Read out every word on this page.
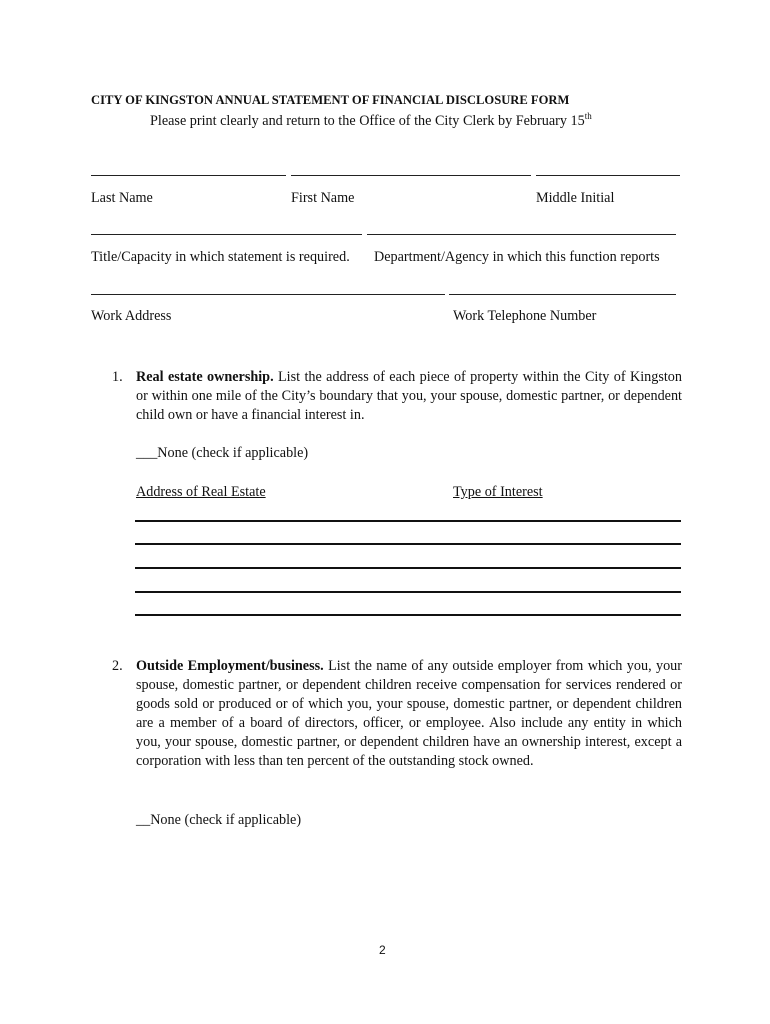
CITY OF KINGSTON ANNUAL STATEMENT OF FINANCIAL DISCLOSURE FORM
Please print clearly and return to the Office of the City Clerk by February 15th
Last Name	First Name	Middle Initial
Title/Capacity in which statement is required. Department/Agency in which this function reports
Work Address	Work Telephone Number
1. Real estate ownership. List the address of each piece of property within the City of Kingston or within one mile of the City’s boundary that you, your spouse, domestic partner, or dependent child own or have a financial interest in.
___None (check if applicable)
Address of Real Estate	Type of Interest
2. Outside Employment/business. List the name of any outside employer from which you, your spouse, domestic partner, or dependent children receive compensation for services rendered or goods sold or produced or of which you, your spouse, domestic partner, or dependent children are a member of a board of directors, officer, or employee. Also include any entity in which you, your spouse, domestic partner, or dependent children have an ownership interest, except a corporation with less than ten percent of the outstanding stock owned.
__None (check if applicable)
2
